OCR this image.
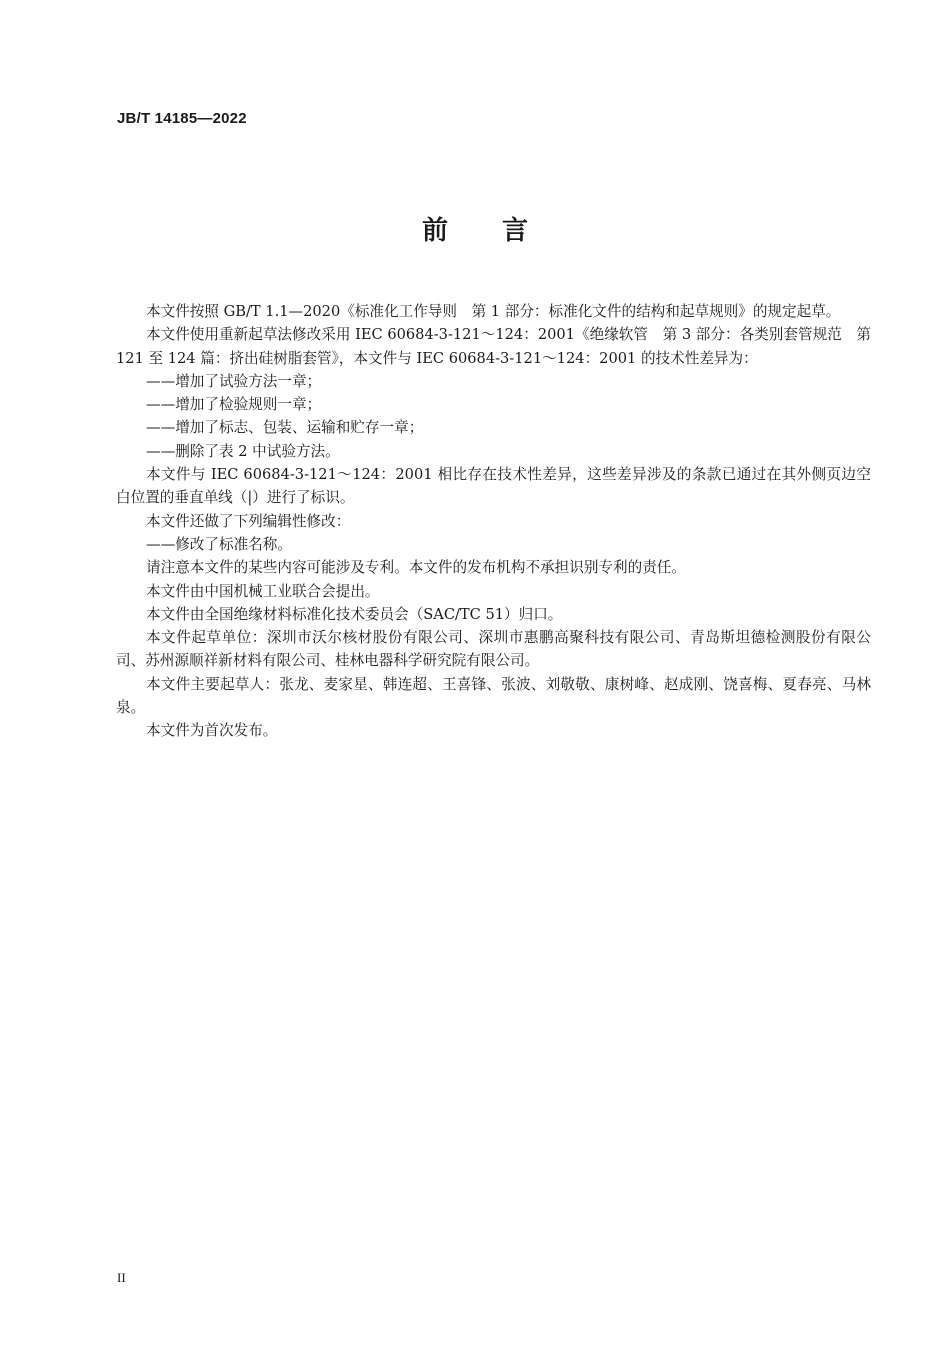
JB/T 14185—2022
前 言

本文件按照 GB/T 1.1—2020《标准化工作导则　第 1 部分：标准化文件的结构和起草规则》的规定起草。

本文件使用重新起草法修改采用 IEC 60684-3-121～124：2001《绝缘软管　第 3 部分：各类别套管规范　第 121 至 124 篇：挤出硅树脂套管》，本文件与 IEC 60684-3-121～124：2001 的技术性差异为：

——增加了试验方法一章；

——增加了检验规则一章；

——增加了标志、包装、运输和贮存一章；

——删除了表 2 中试验方法。

本文件与 IEC 60684-3-121～124：2001 相比存在技术性差异，这些差异涉及的条款已通过在其外侧页边空白位置的垂直单线（|）进行了标识。

本文件还做了下列编辑性修改：

——修改了标准名称。

请注意本文件的某些内容可能涉及专利。本文件的发布机构不承担识别专利的责任。

本文件由中国机械工业联合会提出。

本文件由全国绝缘材料标准化技术委员会（SAC/TC 51）归口。

本文件起草单位：深圳市沃尔核材股份有限公司、深圳市惠鹏高聚科技有限公司、青岛斯坦德检测股份有限公司、苏州源顺祥新材料有限公司、桂林电器科学研究院有限公司。

本文件主要起草人：张龙、麦家星、韩连超、王喜锋、张波、刘敬敬、康树峰、赵成刚、饶喜梅、夏春亮、马林泉。

本文件为首次发布。

II
